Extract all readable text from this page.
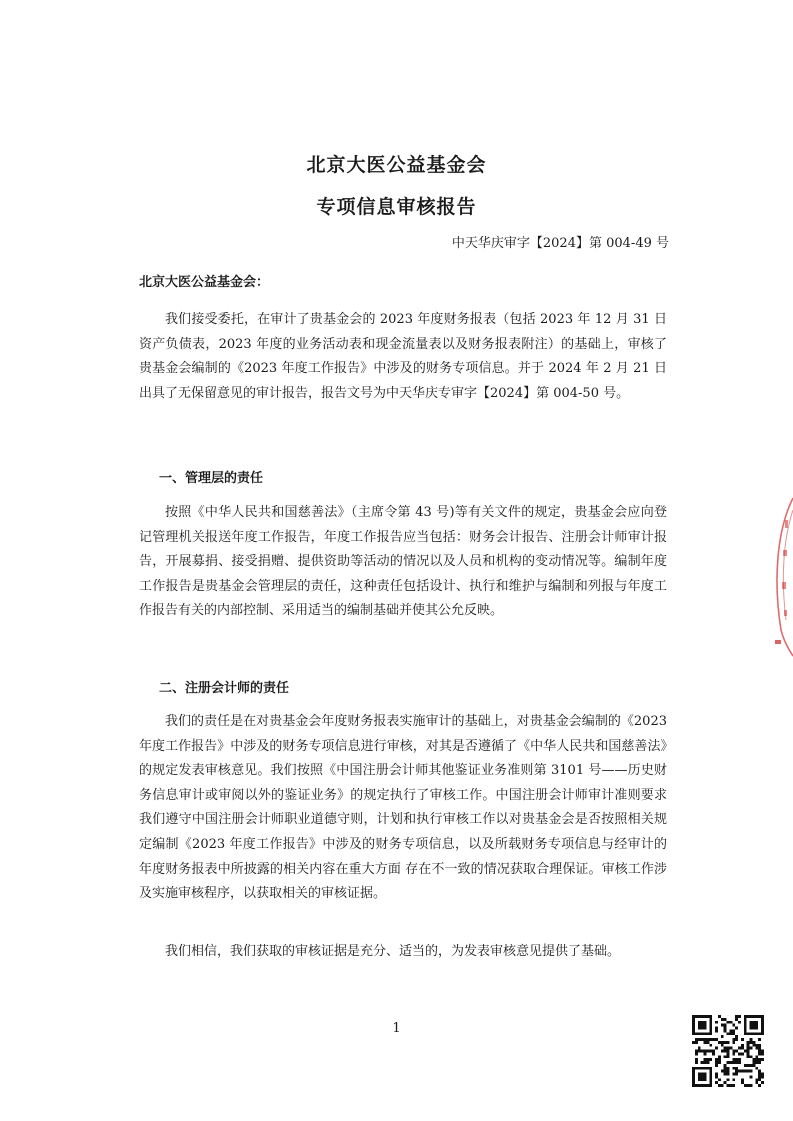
北京大医公益基金会
专项信息审核报告
中天华庆审字【2024】第 004-49 号
北京大医公益基金会：

我们接受委托，在审计了贵基金会的 2023 年度财务报表（包括 2023 年 12 月 31 日资产负债表，2023 年度的业务活动表和现金流量表以及财务报表附注）的基础上，审核了贵基金会编制的《2023 年度工作报告》中涉及的财务专项信息。并于 2024 年 2 月 21 日出具了无保留意见的审计报告，报告文号为中天华庆专审字【2024】第 004-50 号。

一、管理层的责任

按照《中华人民共和国慈善法》（主席令第 43 号)等有关文件的规定，贵基金会应向登记管理机关报送年度工作报告，年度工作报告应当包括：财务会计报告、注册会计师审计报告，开展募捐、接受捐赠、提供资助等活动的情况以及人员和机构的变动情况等。编制年度工作报告是贵基金会管理层的责任，这种责任包括设计、执行和维护与编制和列报与年度工作报告有关的内部控制、采用适当的编制基础并使其公允反映。

二、注册会计师的责任

我们的责任是在对贵基金会年度财务报表实施审计的基础上，对贵基金会编制的《2023 年度工作报告》中涉及的财务专项信息进行审核，对其是否遵循了《中华人民共和国慈善法》的规定发表审核意见。我们按照《中国注册会计师其他鉴证业务准则第 3101 号——历史财务信息审计或审阅以外的鉴证业务》的规定执行了审核工作。中国注册会计师审计准则要求我们遵守中国注册会计师职业道德守则，计划和执行审核工作以对贵基金会是否按照相关规定编制《2023 年度工作报告》中涉及的财务专项信息，以及所载财务专项信息与经审计的年度财务报表中所披露的相关内容在重大方面 存在不一致的情况获取合理保证。审核工作涉及实施审核程序，以获取相关的审核证据。

我们相信，我们获取的审核证据是充分、适当的，为发表审核意见提供了基础。

1
